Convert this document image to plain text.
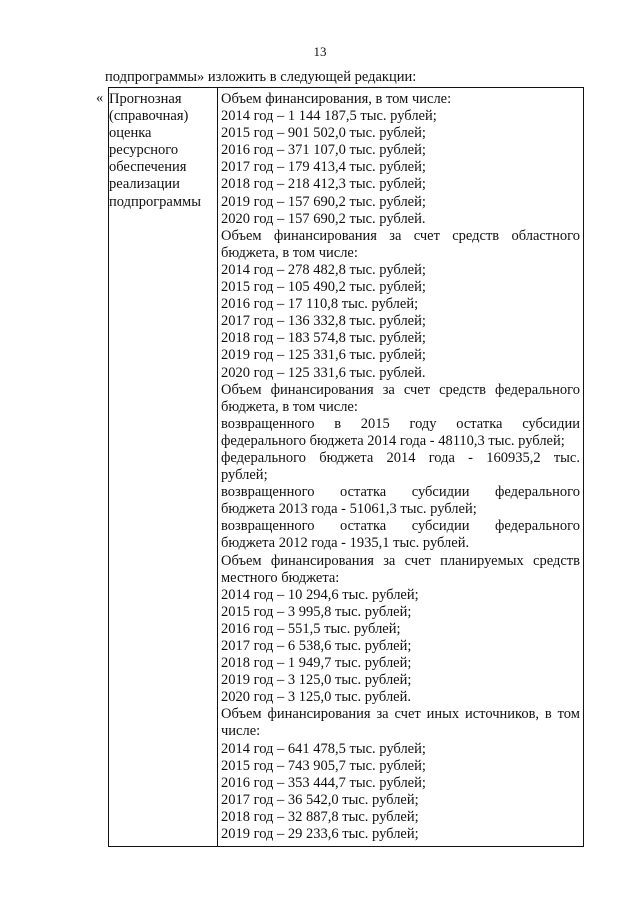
13
подпрограммы» изложить в следующей редакции:
« Прогнозная
(справочная)
оценка
ресурсного
обеспечения
реализации
подпрограммы
Объем финансирования, в том числе:
2014 год – 1 144 187,5 тыс. рублей;
2015 год – 901 502,0 тыс. рублей;
2016 год – 371 107,0 тыс. рублей;
2017 год – 179 413,4 тыс. рублей;
2018 год – 218 412,3 тыс. рублей;
2019 год – 157 690,2 тыс. рублей;
2020 год – 157 690,2 тыс. рублей.
Объем финансирования за счет средств областного
бюджета, в том числе:
2014 год – 278 482,8 тыс. рублей;
2015 год – 105 490,2 тыс. рублей;
2016 год – 17 110,8 тыс. рублей;
2017 год – 136 332,8 тыс. рублей;
2018 год – 183 574,8 тыс. рублей;
2019 год – 125 331,6 тыс. рублей;
2020 год – 125 331,6 тыс. рублей.
Объем финансирования за счет средств федерального
бюджета, в том числе:
возвращенного в 2015 году остатка субсидии
федерального бюджета 2014 года - 48110,3 тыс. рублей;
федерального бюджета 2014 года - 160935,2 тыс.
рублей;
возвращенного остатка субсидии федерального
бюджета 2013 года - 51061,3 тыс. рублей;
возвращенного остатка субсидии федерального
бюджета 2012 года - 1935,1 тыс. рублей.
Объем финансирования за счет планируемых средств
местного бюджета:
2014 год – 10 294,6 тыс. рублей;
2015 год – 3 995,8 тыс. рублей;
2016 год – 551,5 тыс. рублей;
2017 год – 6 538,6 тыс. рублей;
2018 год – 1 949,7 тыс. рублей;
2019 год – 3 125,0 тыс. рублей;
2020 год – 3 125,0 тыс. рублей.
Объем финансирования за счет иных источников, в том
числе:
2014 год – 641 478,5 тыс. рублей;
2015 год – 743 905,7 тыс. рублей;
2016 год – 353 444,7 тыс. рублей;
2017 год – 36 542,0 тыс. рублей;
2018 год – 32 887,8 тыс. рублей;
2019 год – 29 233,6 тыс. рублей;
